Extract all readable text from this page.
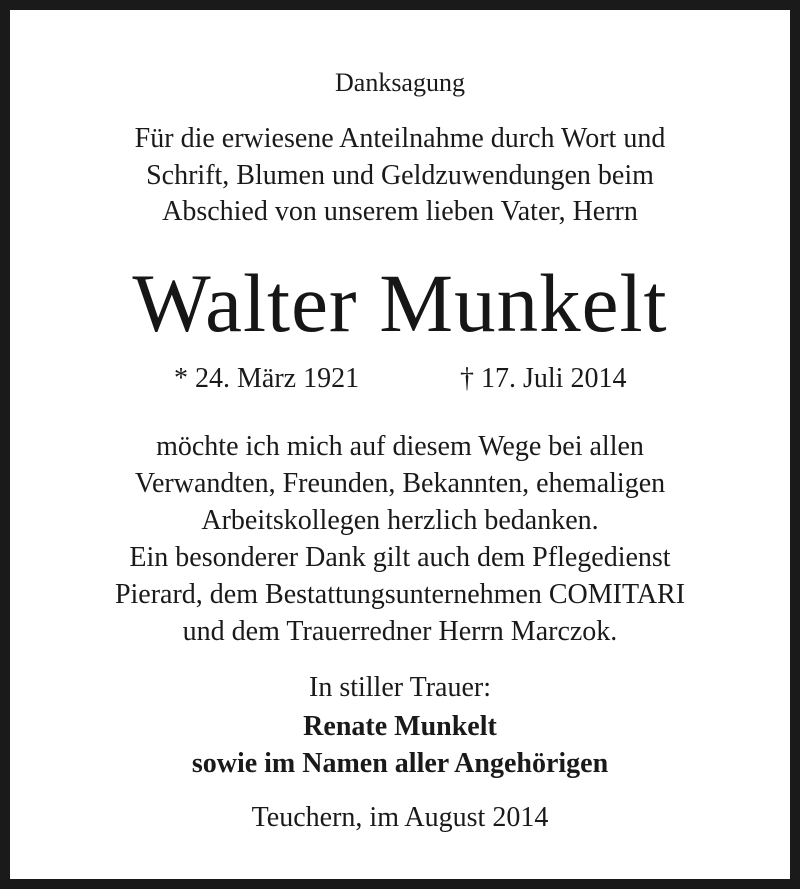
Danksagung
Für die erwiesene Anteilnahme durch Wort und
Schrift, Blumen und Geldzuwendungen beim
Abschied von unserem lieben Vater, Herrn
Walter Munkelt
* 24. März 1921	† 17. Juli 2014
möchte ich mich auf diesem Wege bei allen
Verwandten, Freunden, Bekannten, ehemaligen
Arbeitskollegen herzlich bedanken.
Ein besonderer Dank gilt auch dem Pflegedienst
Pierard, dem Bestattungsunternehmen COMITARI
und dem Trauerredner Herrn Marczok.
In stiller Trauer:
Renate Munkelt
sowie im Namen aller Angehörigen
Teuchern, im August 2014
